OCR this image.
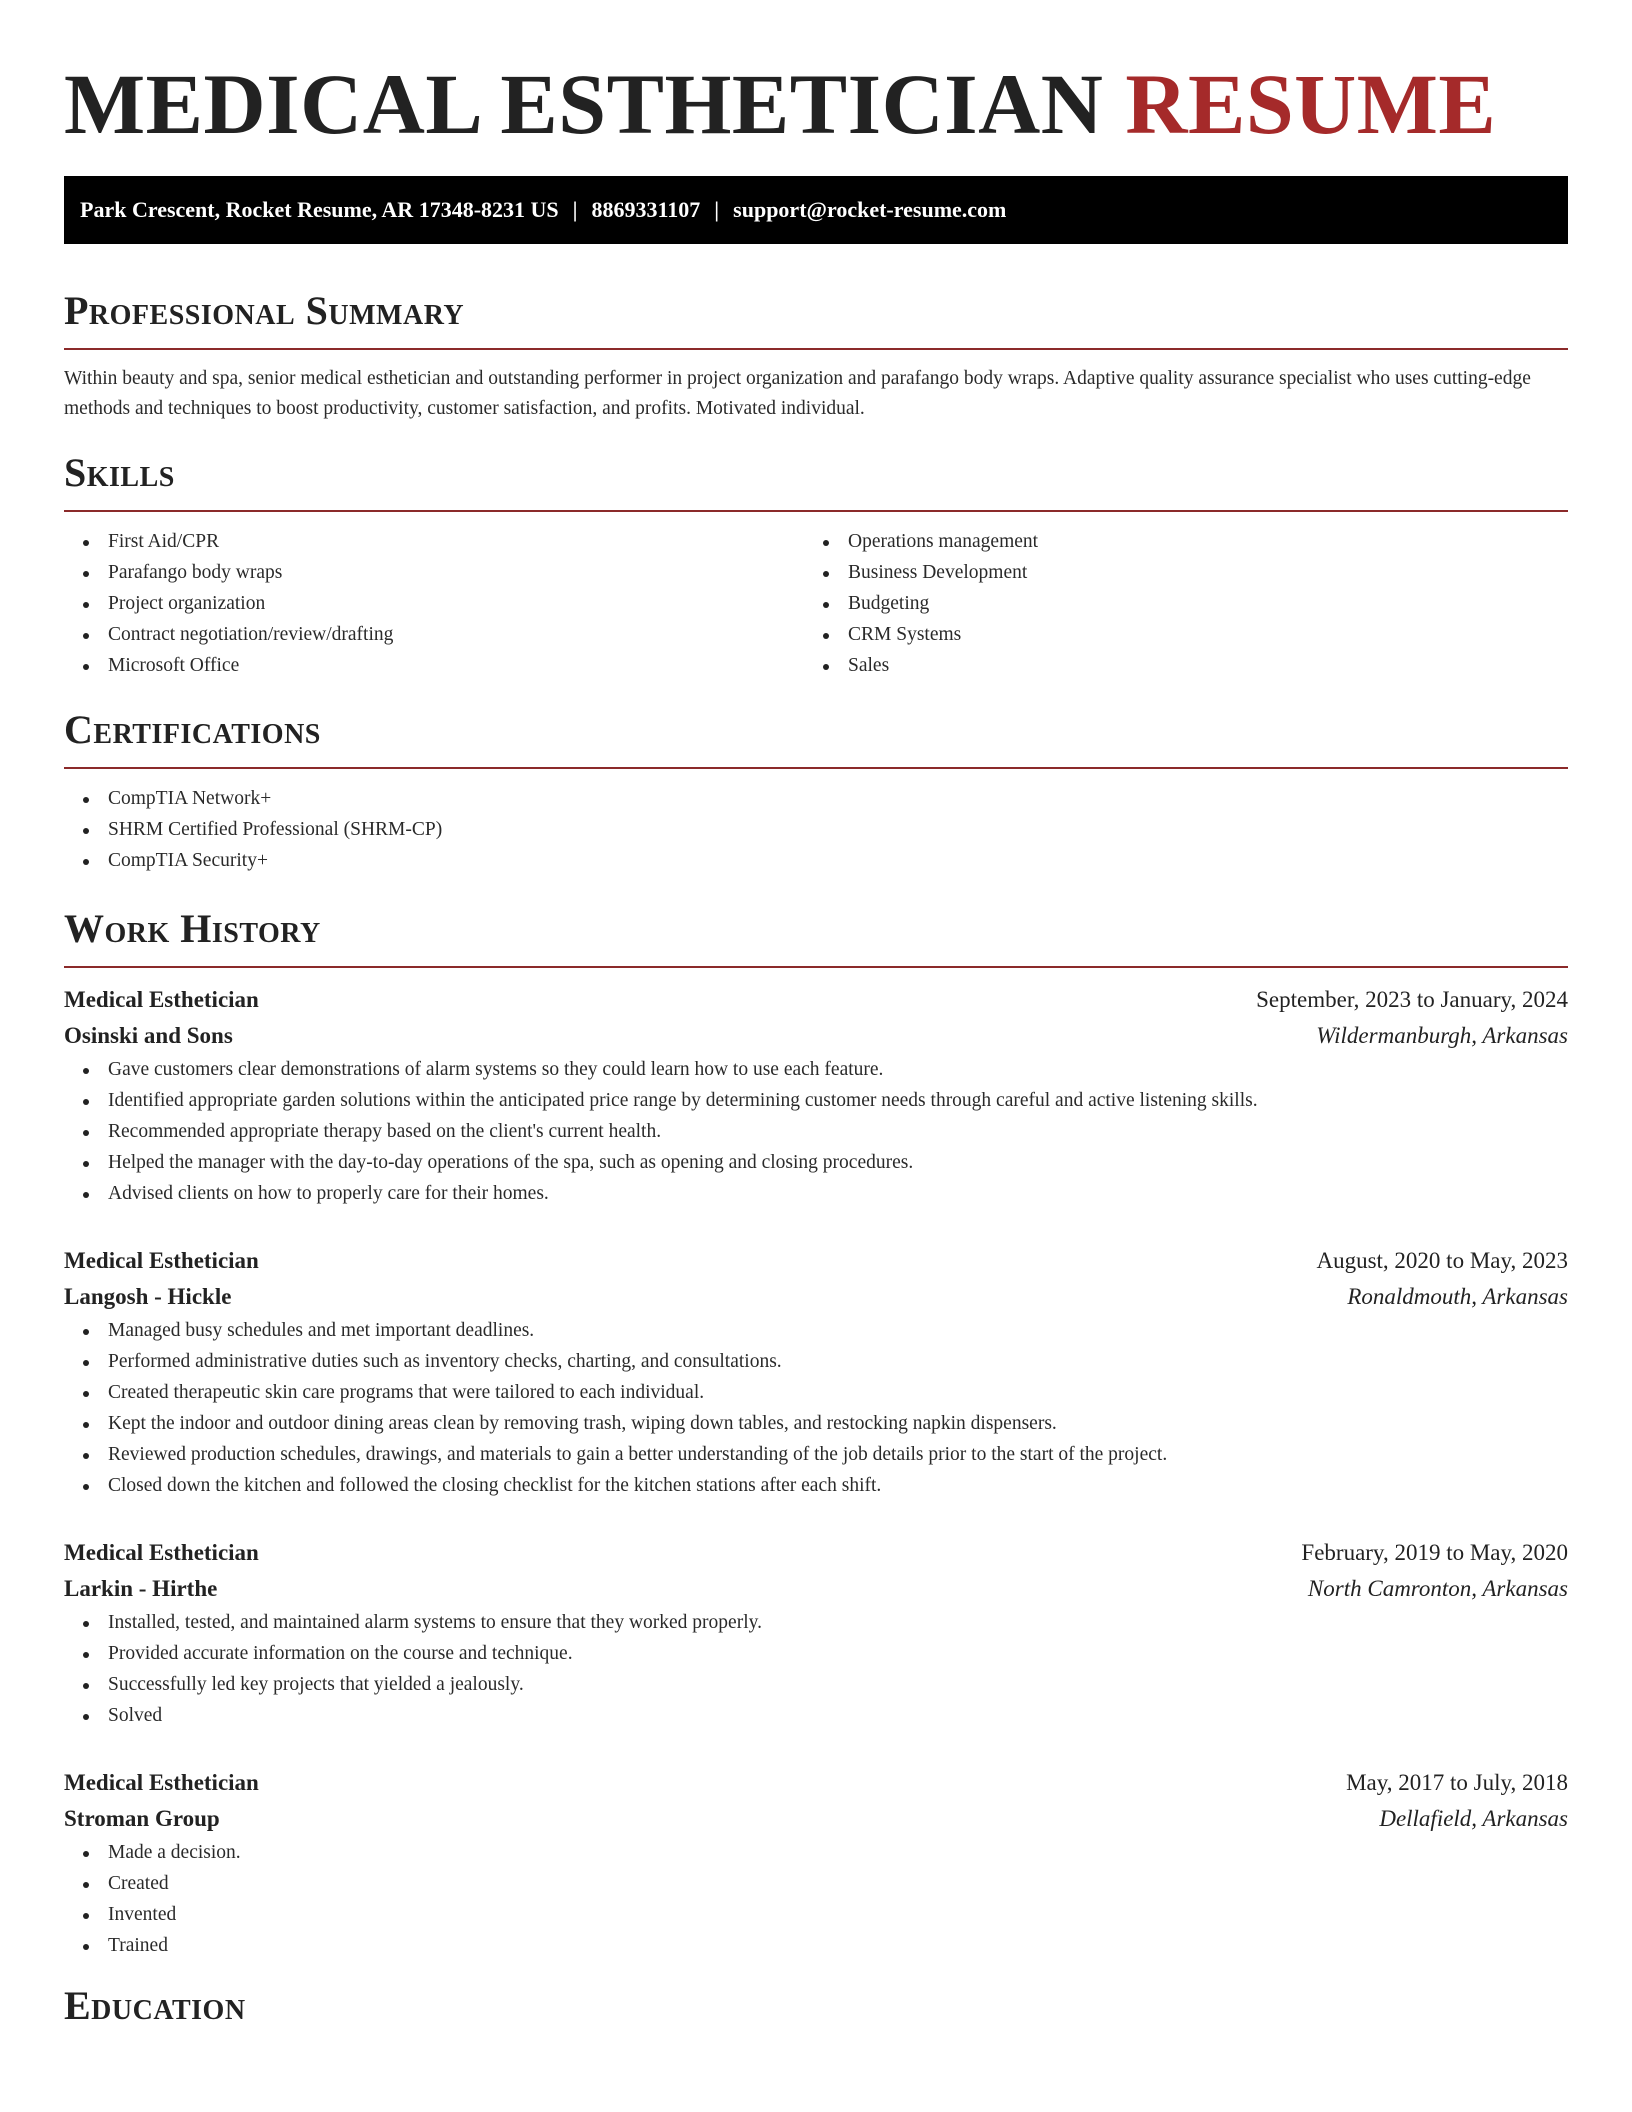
MEDICAL ESTHETICIAN RESUME
Park Crescent, Rocket Resume, AR 17348-8231 US | 8869331107 | support@rocket-resume.com
Professional Summary

Within beauty and spa, senior medical esthetician and outstanding performer in project organization and parafango body wraps. Adaptive quality assurance specialist who uses cutting-edge methods and techniques to boost productivity, customer satisfaction, and profits. Motivated individual.

Skills
First Aid/CPR
Parafango body wraps
Project organization
Contract negotiation/review/drafting
Microsoft Office
Operations management
Business Development
Budgeting
CRM Systems
Sales
Certifications
CompTIA Network+
SHRM Certified Professional (SHRM-CP)
CompTIA Security+
Work History
Medical Esthetician	September, 2023 to January, 2024
Osinski and Sons	Wildermanburgh, Arkansas
Gave customers clear demonstrations of alarm systems so they could learn how to use each feature.
Identified appropriate garden solutions within the anticipated price range by determining customer needs through careful and active listening skills.
Recommended appropriate therapy based on the client's current health.
Helped the manager with the day-to-day operations of the spa, such as opening and closing procedures.
Advised clients on how to properly care for their homes.
Medical Esthetician	August, 2020 to May, 2023
Langosh - Hickle	Ronaldmouth, Arkansas
Managed busy schedules and met important deadlines.
Performed administrative duties such as inventory checks, charting, and consultations.
Created therapeutic skin care programs that were tailored to each individual.
Kept the indoor and outdoor dining areas clean by removing trash, wiping down tables, and restocking napkin dispensers.
Reviewed production schedules, drawings, and materials to gain a better understanding of the job details prior to the start of the project.
Closed down the kitchen and followed the closing checklist for the kitchen stations after each shift.
Medical Esthetician	February, 2019 to May, 2020
Larkin - Hirthe	North Camronton, Arkansas
Installed, tested, and maintained alarm systems to ensure that they worked properly.
Provided accurate information on the course and technique.
Successfully led key projects that yielded a jealously.
Solved
Medical Esthetician	May, 2017 to July, 2018
Stroman Group	Dellafield, Arkansas
Made a decision.
Created
Invented
Trained
Education
